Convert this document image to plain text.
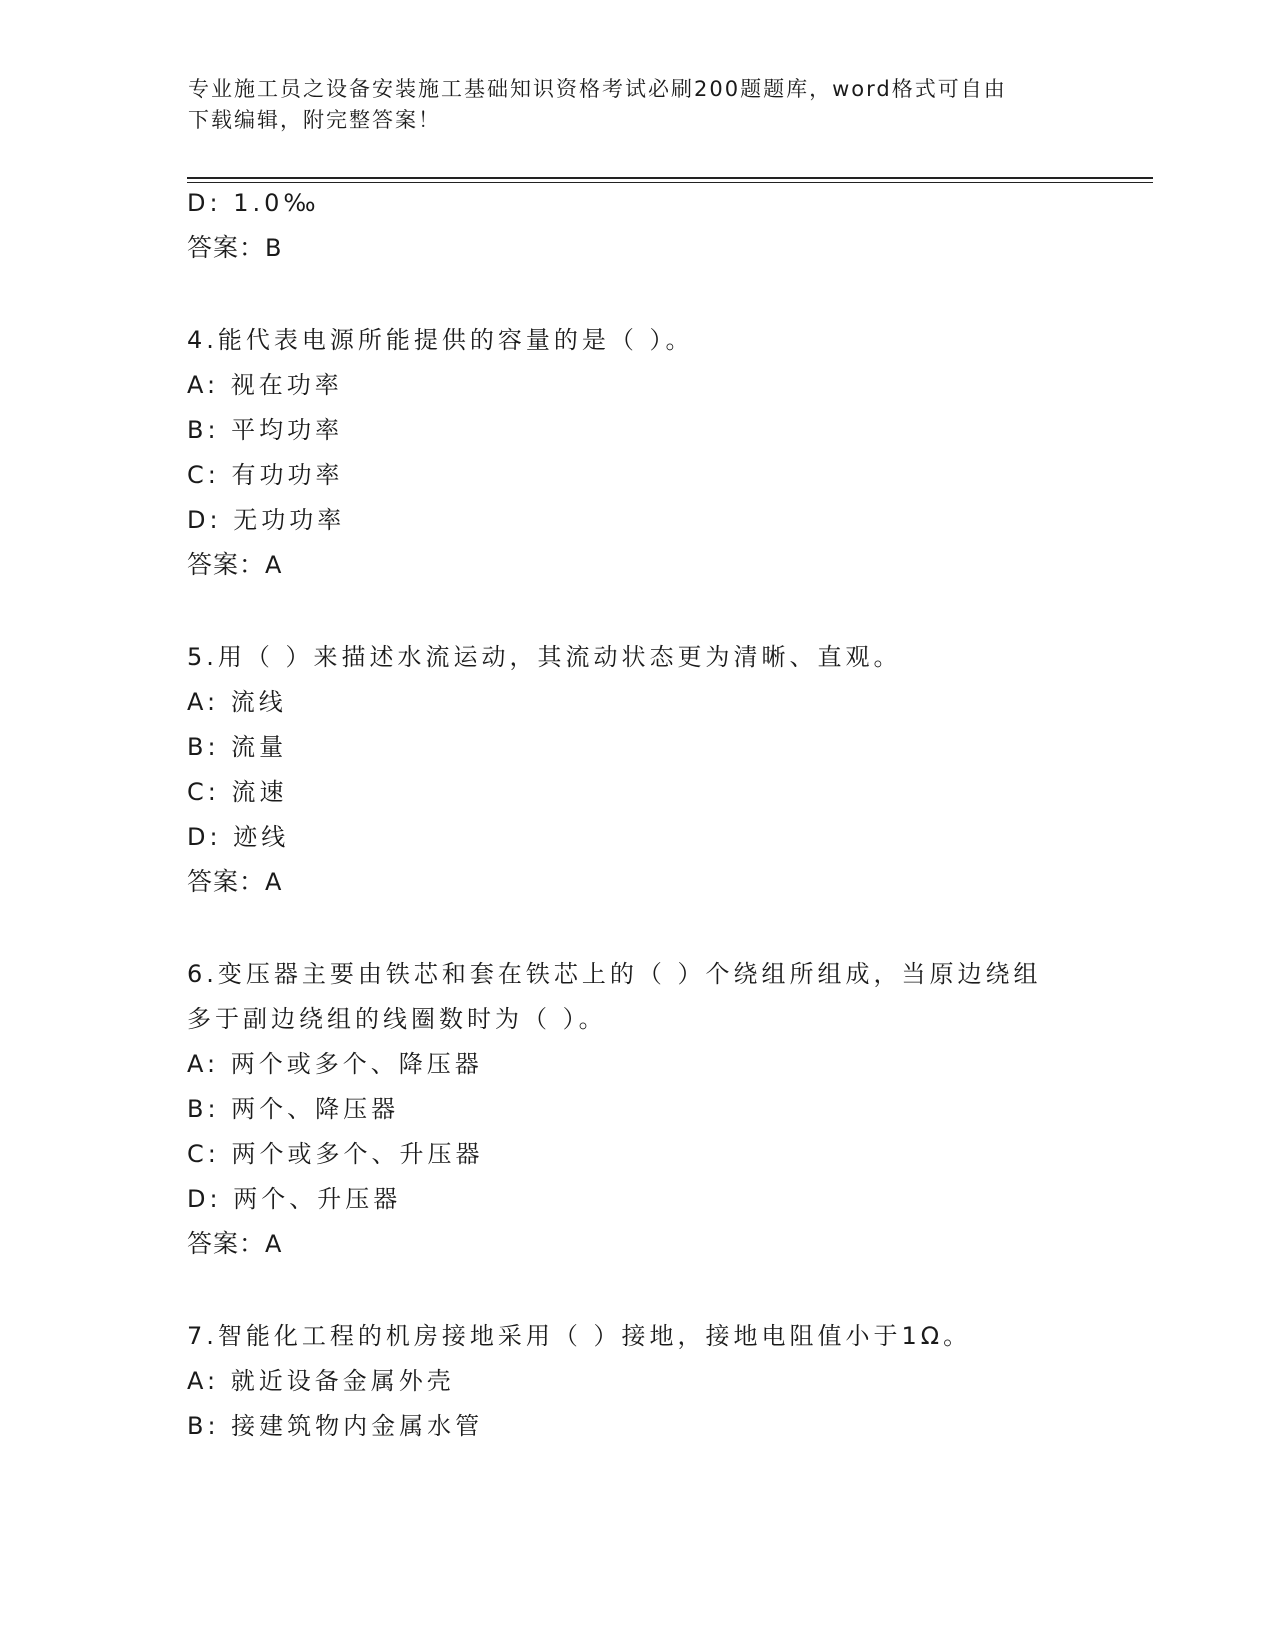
专业施工员之设备安装施工基础知识资格考试必刷200题题库，word格式可自由
下载编辑，附完整答案！
D: 1.0‰
答案：B
4.能代表电源所能提供的容量的是（ ）。
A: 视在功率
B: 平均功率
C: 有功功率
D: 无功功率
答案：A
5.用（ ）来描述水流运动，其流动状态更为清晰、直观。
A: 流线
B: 流量
C: 流速
D: 迹线
答案：A
6.变压器主要由铁芯和套在铁芯上的（ ）个绕组所组成，当原边绕组
多于副边绕组的线圈数时为（ ）。
A: 两个或多个、降压器
B: 两个、降压器
C: 两个或多个、升压器
D: 两个、升压器
答案：A
7.智能化工程的机房接地采用（ ）接地，接地电阻值小于1Ω。
A: 就近设备金属外壳
B: 接建筑物内金属水管
